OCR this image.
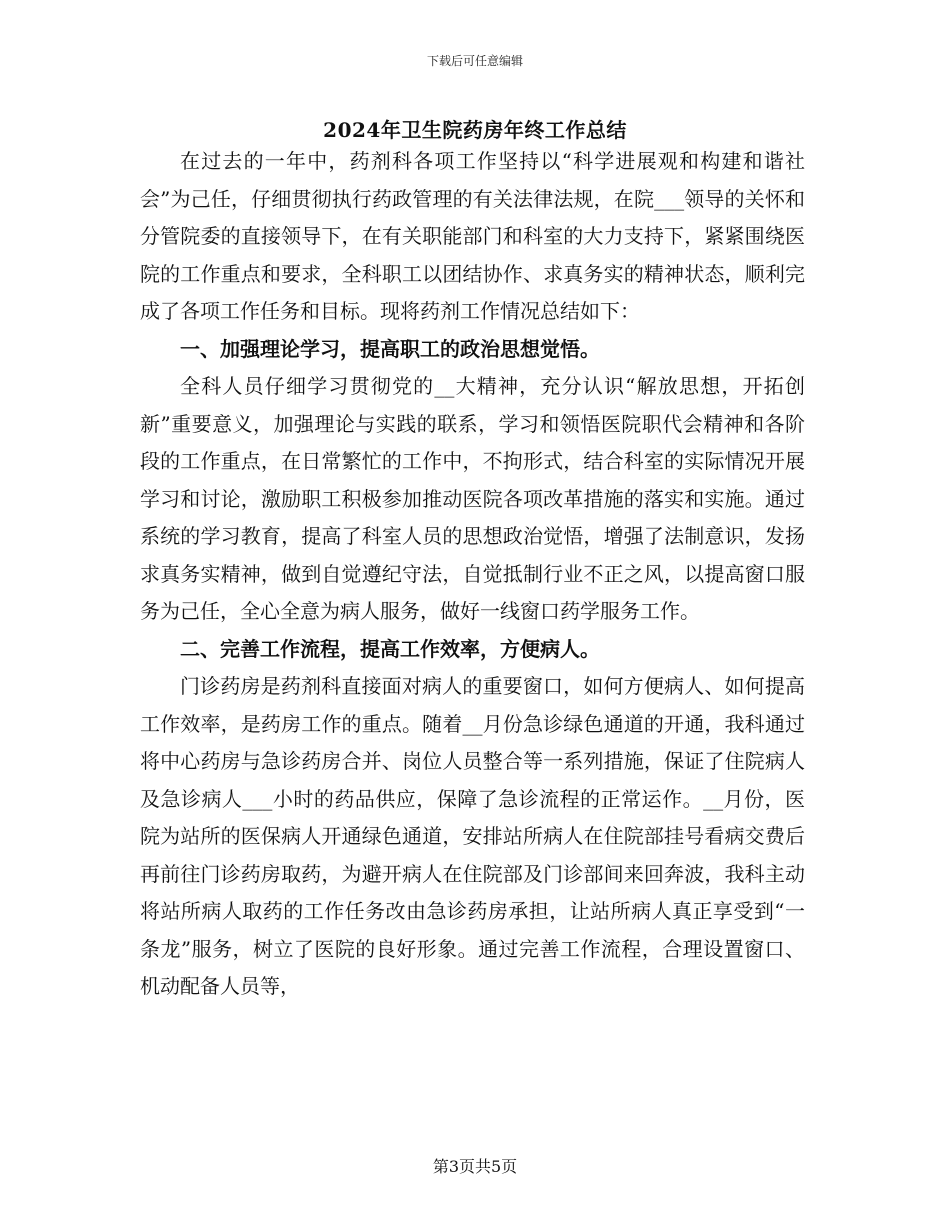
下载后可任意编辑
2024年卫生院药房年终工作总结

在过去的一年中，药剂科各项工作坚持以“科学进展观和构建和谐社会”为己任，仔细贯彻执行药政管理的有关法律法规，在院___领导的关怀和分管院委的直接领导下，在有关职能部门和科室的大力支持下，紧紧围绕医院的工作重点和要求，全科职工以团结协作、求真务实的精神状态，顺利完成了各项工作任务和目标。现将药剂工作情况总结如下：

一、加强理论学习，提高职工的政治思想觉悟。

全科人员仔细学习贯彻党的__大精神，充分认识“解放思想，开拓创新”重要意义，加强理论与实践的联系，学习和领悟医院职代会精神和各阶段的工作重点，在日常繁忙的工作中，不拘形式，结合科室的实际情况开展学习和讨论，激励职工积极参加推动医院各项改革措施的落实和实施。通过系统的学习教育，提高了科室人员的思想政治觉悟，增强了法制意识，发扬求真务实精神，做到自觉遵纪守法，自觉抵制行业不正之风，以提高窗口服务为己任，全心全意为病人服务，做好一线窗口药学服务工作。

二、完善工作流程，提高工作效率，方便病人。

门诊药房是药剂科直接面对病人的重要窗口，如何方便病人、如何提高工作效率，是药房工作的重点。随着__月份急诊绿色通道的开通，我科通过将中心药房与急诊药房合并、岗位人员整合等一系列措施，保证了住院病人及急诊病人___小时的药品供应，保障了急诊流程的正常运作。__月份，医院为站所的医保病人开通绿色通道，安排站所病人在住院部挂号看病交费后再前往门诊药房取药，为避开病人在住院部及门诊部间来回奔波，我科主动将站所病人取药的工作任务改由急诊药房承担，让站所病人真正享受到“一条龙”服务，树立了医院的良好形象。通过完善工作流程，合理设置窗口、机动配备人员等，

第3页共5页
